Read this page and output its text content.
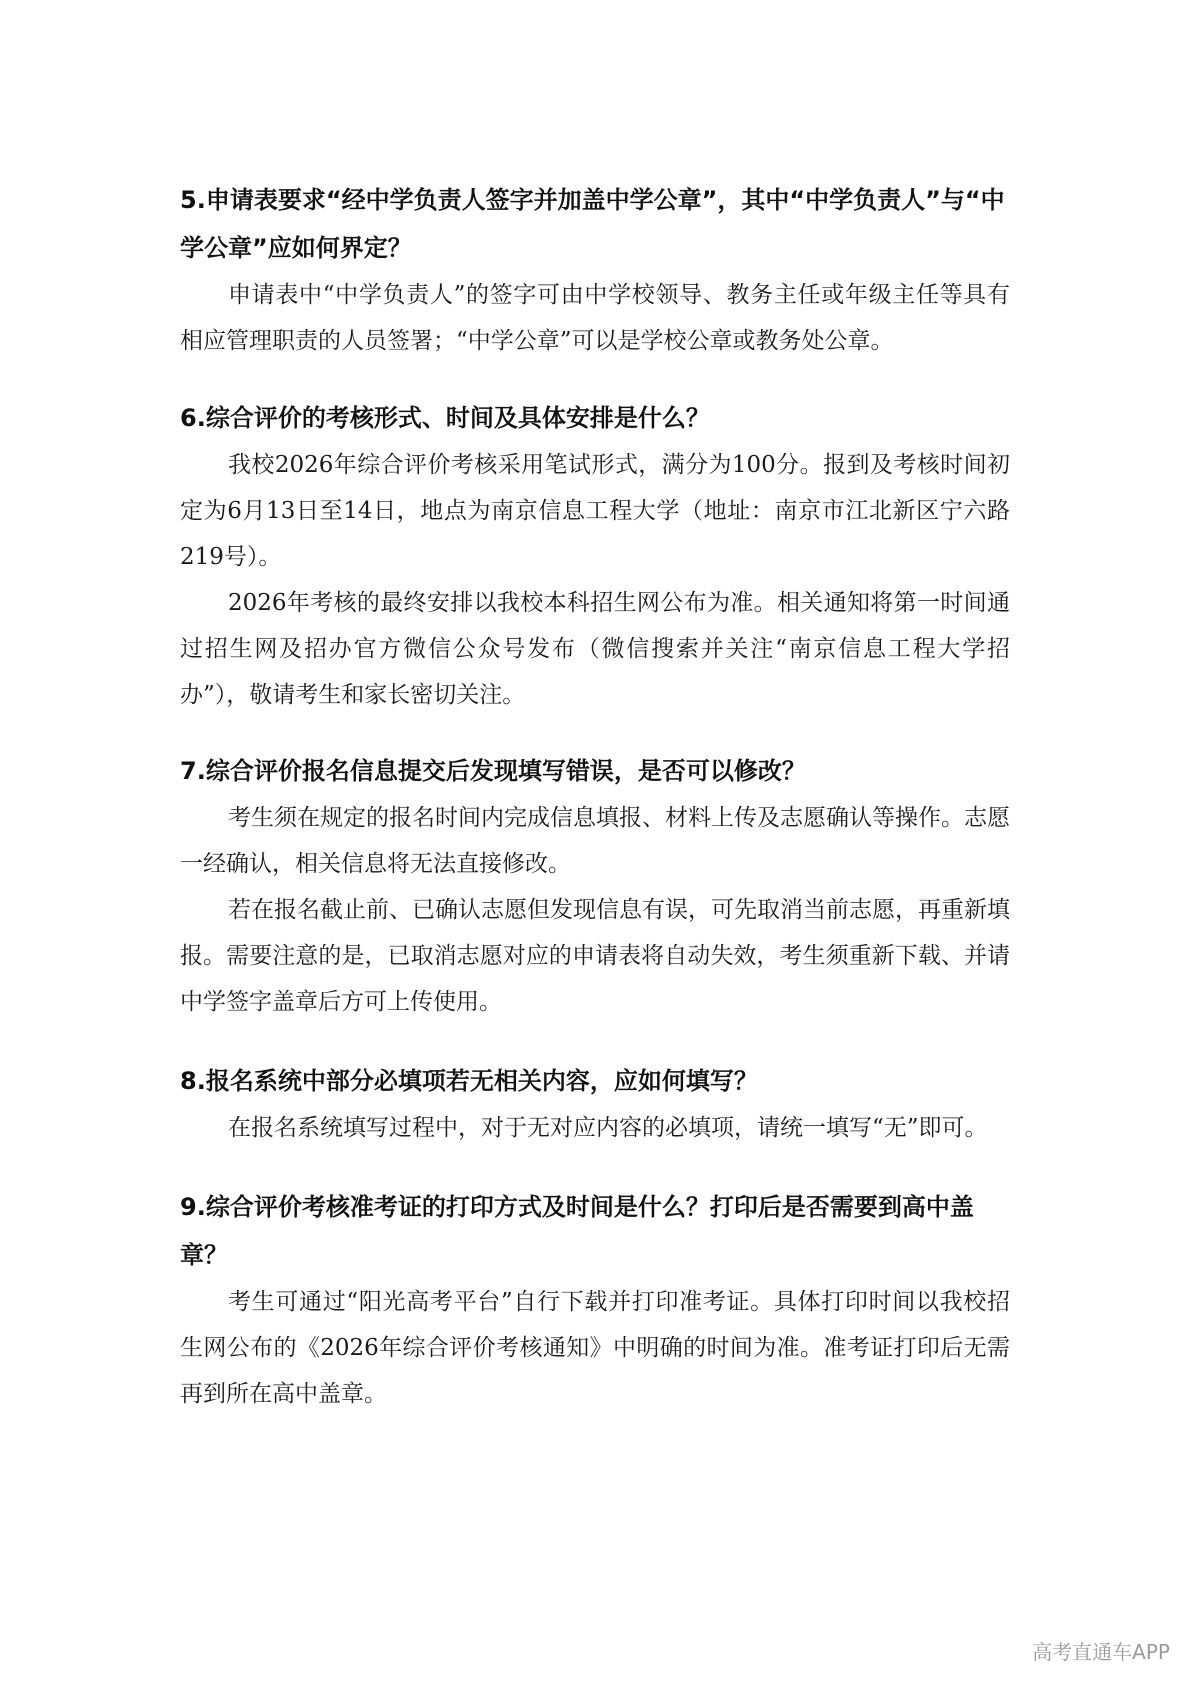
5.申请表要求“经中学负责人签字并加盖中学公章”，其中“中学负责人”与“中学公章”应如何界定？

申请表中“中学负责人”的签字可由中学校领导、教务主任或年级主任等具有相应管理职责的人员签署；“中学公章”可以是学校公章或教务处公章。

6.综合评价的考核形式、时间及具体安排是什么？

我校2026年综合评价考核采用笔试形式，满分为100分。报到及考核时间初定为6月13日至14日，地点为南京信息工程大学（地址：南京市江北新区宁六路219号）。

2026年考核的最终安排以我校本科招生网公布为准。相关通知将第一时间通过招生网及招办官方微信公众号发布（微信搜索并关注“南京信息工程大学招办”），敬请考生和家长密切关注。

7.综合评价报名信息提交后发现填写错误，是否可以修改？

考生须在规定的报名时间内完成信息填报、材料上传及志愿确认等操作。志愿一经确认，相关信息将无法直接修改。

若在报名截止前、已确认志愿但发现信息有误，可先取消当前志愿，再重新填报。需要注意的是，已取消志愿对应的申请表将自动失效，考生须重新下载、并请中学签字盖章后方可上传使用。

8.报名系统中部分必填项若无相关内容，应如何填写？

在报名系统填写过程中，对于无对应内容的必填项，请统一填写“无”即可。

9.综合评价考核准考证的打印方式及时间是什么？打印后是否需要到高中盖章？

考生可通过“阳光高考平台”自行下载并打印准考证。具体打印时间以我校招生网公布的《2026年综合评价考核通知》中明确的时间为准。准考证打印后无需再到所在高中盖章。

高考直通车APP
